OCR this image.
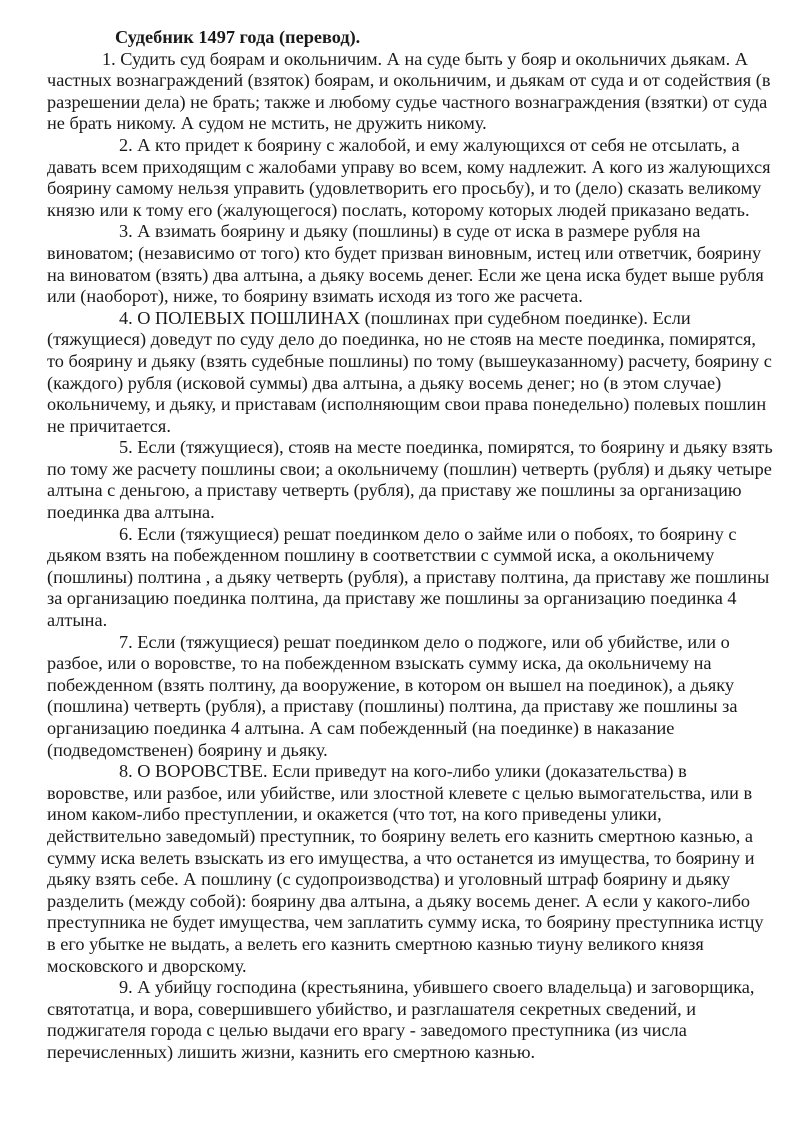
Судебник 1497 года (перевод).

1. Судить суд боярам и окольничим. А на суде быть у бояр и окольничих дьякам. А частных вознаграждений (взяток) боярам, и окольничим, и дьякам от суда и от содействия (в разрешении дела) не брать; также и любому судье частного вознаграждения (взятки) от суда не брать никому. А судом не мстить, не дружить никому.

2. А кто придет к боярину с жалобой, и ему жалующихся от себя не отсылать, а давать всем приходящим с жалобами управу во всем, кому надлежит. А кого из жалующихся боярину самому нельзя управить (удовлетворить его просьбу), и то (дело) сказать великому князю или к тому его (жалующегося) послать, которому которых людей приказано ведать.

3. А взимать боярину и дьяку (пошлины) в суде от иска в размере рубля на виноватом; (независимо от того) кто будет призван виновным, истец или ответчик, боярину на виноватом (взять) два алтына, а дьяку восемь денег. Если же цена иска будет выше рубля или (наоборот), ниже, то боярину взимать исходя из того же расчета.

4. О ПОЛЕВЫХ ПОШЛИНАХ (пошлинах при судебном поединке). Если (тяжущиеся) доведут по суду дело до поединка, но не стояв на месте поединка, помирятся, то боярину и дьяку (взять судебные пошлины) по тому (вышеуказанному) расчету, боярину с (каждого) рубля (исковой суммы) два алтына, а дьяку восемь денег; но (в этом случае) окольничему, и дьяку, и приставам (исполняющим свои права понедельно) полевых пошлин не причитается.

5. Если (тяжущиеся), стояв на месте поединка, помирятся, то боярину и дьяку взять по тому же расчету пошлины свои; а окольничему (пошлин) четверть (рубля) и дьяку четыре алтына с деньгою, а приставу четверть (рубля), да приставу же пошлины за организацию поединка два алтына.

6. Если (тяжущиеся) решат поединком дело о займе или о побоях, то боярину с дьяком взять на побежденном пошлину в соответствии с суммой иска, а окольничему (пошлины) полтина , а дьяку четверть (рубля), а приставу полтина, да приставу же пошлины за организацию поединка полтина, да приставу же пошлины за организацию поединка 4 алтына.

7. Если (тяжущиеся) решат поединком дело о поджоге, или об убийстве, или о разбое, или о воровстве, то на побежденном взыскать сумму иска, да окольничему на побежденном (взять полтину, да вооружение, в котором он вышел на поединок), а дьяку (пошлина) четверть (рубля), а приставу (пошлины) полтина, да приставу же пошлины за организацию поединка 4 алтына. А сам побежденный (на поединке) в наказание (подведомственен) боярину и дьяку.

8. О ВОРОВСТВЕ. Если приведут на кого-либо улики (доказательства) в воровстве, или разбое, или убийстве, или злостной клевете с целью вымогательства, или в ином каком-либо преступлении, и окажется (что тот, на кого приведены улики, действительно заведомый) преступник, то боярину велеть его казнить смертною казнью, а сумму иска велеть взыскать из его имущества, а что останется из имущества, то боярину и дьяку взять себе. А пошлину (с судопроизводства) и уголовный штраф боярину и дьяку разделить (между собой): боярину два алтына, а дьяку восемь денег. А если у какого-либо преступника не будет имущества, чем заплатить сумму иска, то боярину преступника истцу в его убытке не выдать, а велеть его казнить смертною казнью тиуну великого князя московского и дворскому.

9. А убийцу господина (крестьянина, убившего своего владельца) и заговорщика, святотатца, и вора, совершившего убийство, и разглашателя секретных сведений, и поджигателя города с целью выдачи его врагу - заведомого преступника (из числа перечисленных) лишить жизни, казнить его смертною казнью.
